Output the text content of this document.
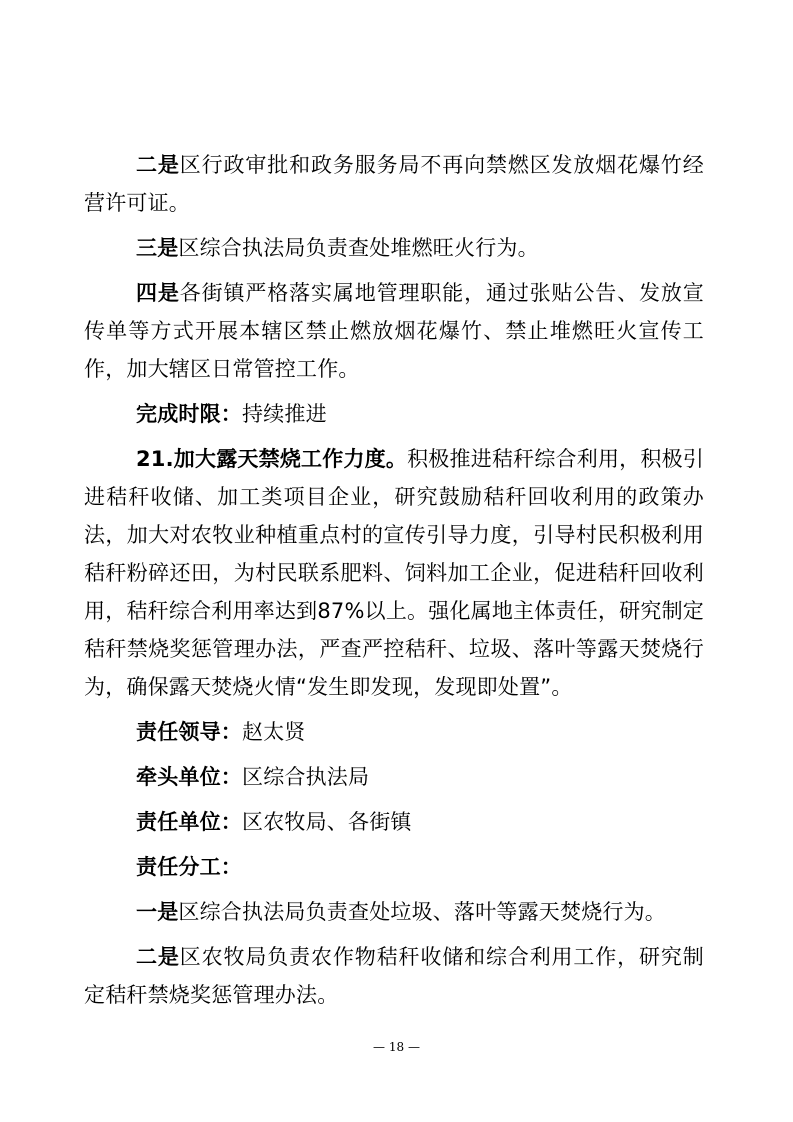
二是区行政审批和政务服务局不再向禁燃区发放烟花爆竹经营许可证。

三是区综合执法局负责查处堆燃旺火行为。

四是各街镇严格落实属地管理职能，通过张贴公告、发放宣传单等方式开展本辖区禁止燃放烟花爆竹、禁止堆燃旺火宣传工作，加大辖区日常管控工作。

完成时限：持续推进

21.加大露天禁烧工作力度。积极推进秸秆综合利用，积极引进秸秆收储、加工类项目企业，研究鼓励秸秆回收利用的政策办法，加大对农牧业种植重点村的宣传引导力度，引导村民积极利用秸秆粉碎还田，为村民联系肥料、饲料加工企业，促进秸秆回收利用，秸秆综合利用率达到87%以上。强化属地主体责任，研究制定秸秆禁烧奖惩管理办法，严查严控秸秆、垃圾、落叶等露天焚烧行为，确保露天焚烧火情“发生即发现，发现即处置”。

责任领导：赵太贤

牵头单位：区综合执法局

责任单位：区农牧局、各街镇

责任分工：

一是区综合执法局负责查处垃圾、落叶等露天焚烧行为。

二是区农牧局负责农作物秸秆收储和综合利用工作，研究制定秸秆禁烧奖惩管理办法。

— 18 —
